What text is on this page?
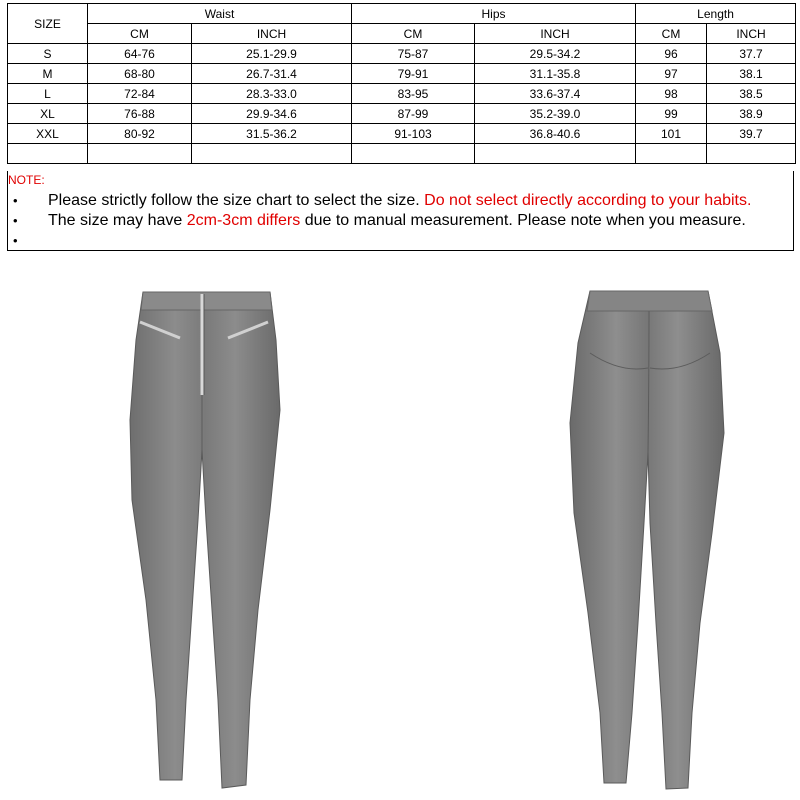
SIZE	Waist		Hips		Length	
	CM	INCH	CM	INCH	CM	INCH
S	64-76	25.1-29.9	75-87	29.5-34.2	96	37.7
M	68-80	26.7-31.4	79-91	31.1-35.8	97	38.1
L	72-84	28.3-33.0	83-95	33.6-37.4	98	38.5
XL	76-88	29.9-34.6	87-99	35.2-39.0	99	38.9
XXL	80-92	31.5-36.2	91-103	36.8-40.6	101	39.7

NOTE:
• Please strictly follow the size chart to select the size. Do not select directly according to your habits.
• The size may have 2cm-3cm differs due to manual measurement. Please note when you measure.
•
